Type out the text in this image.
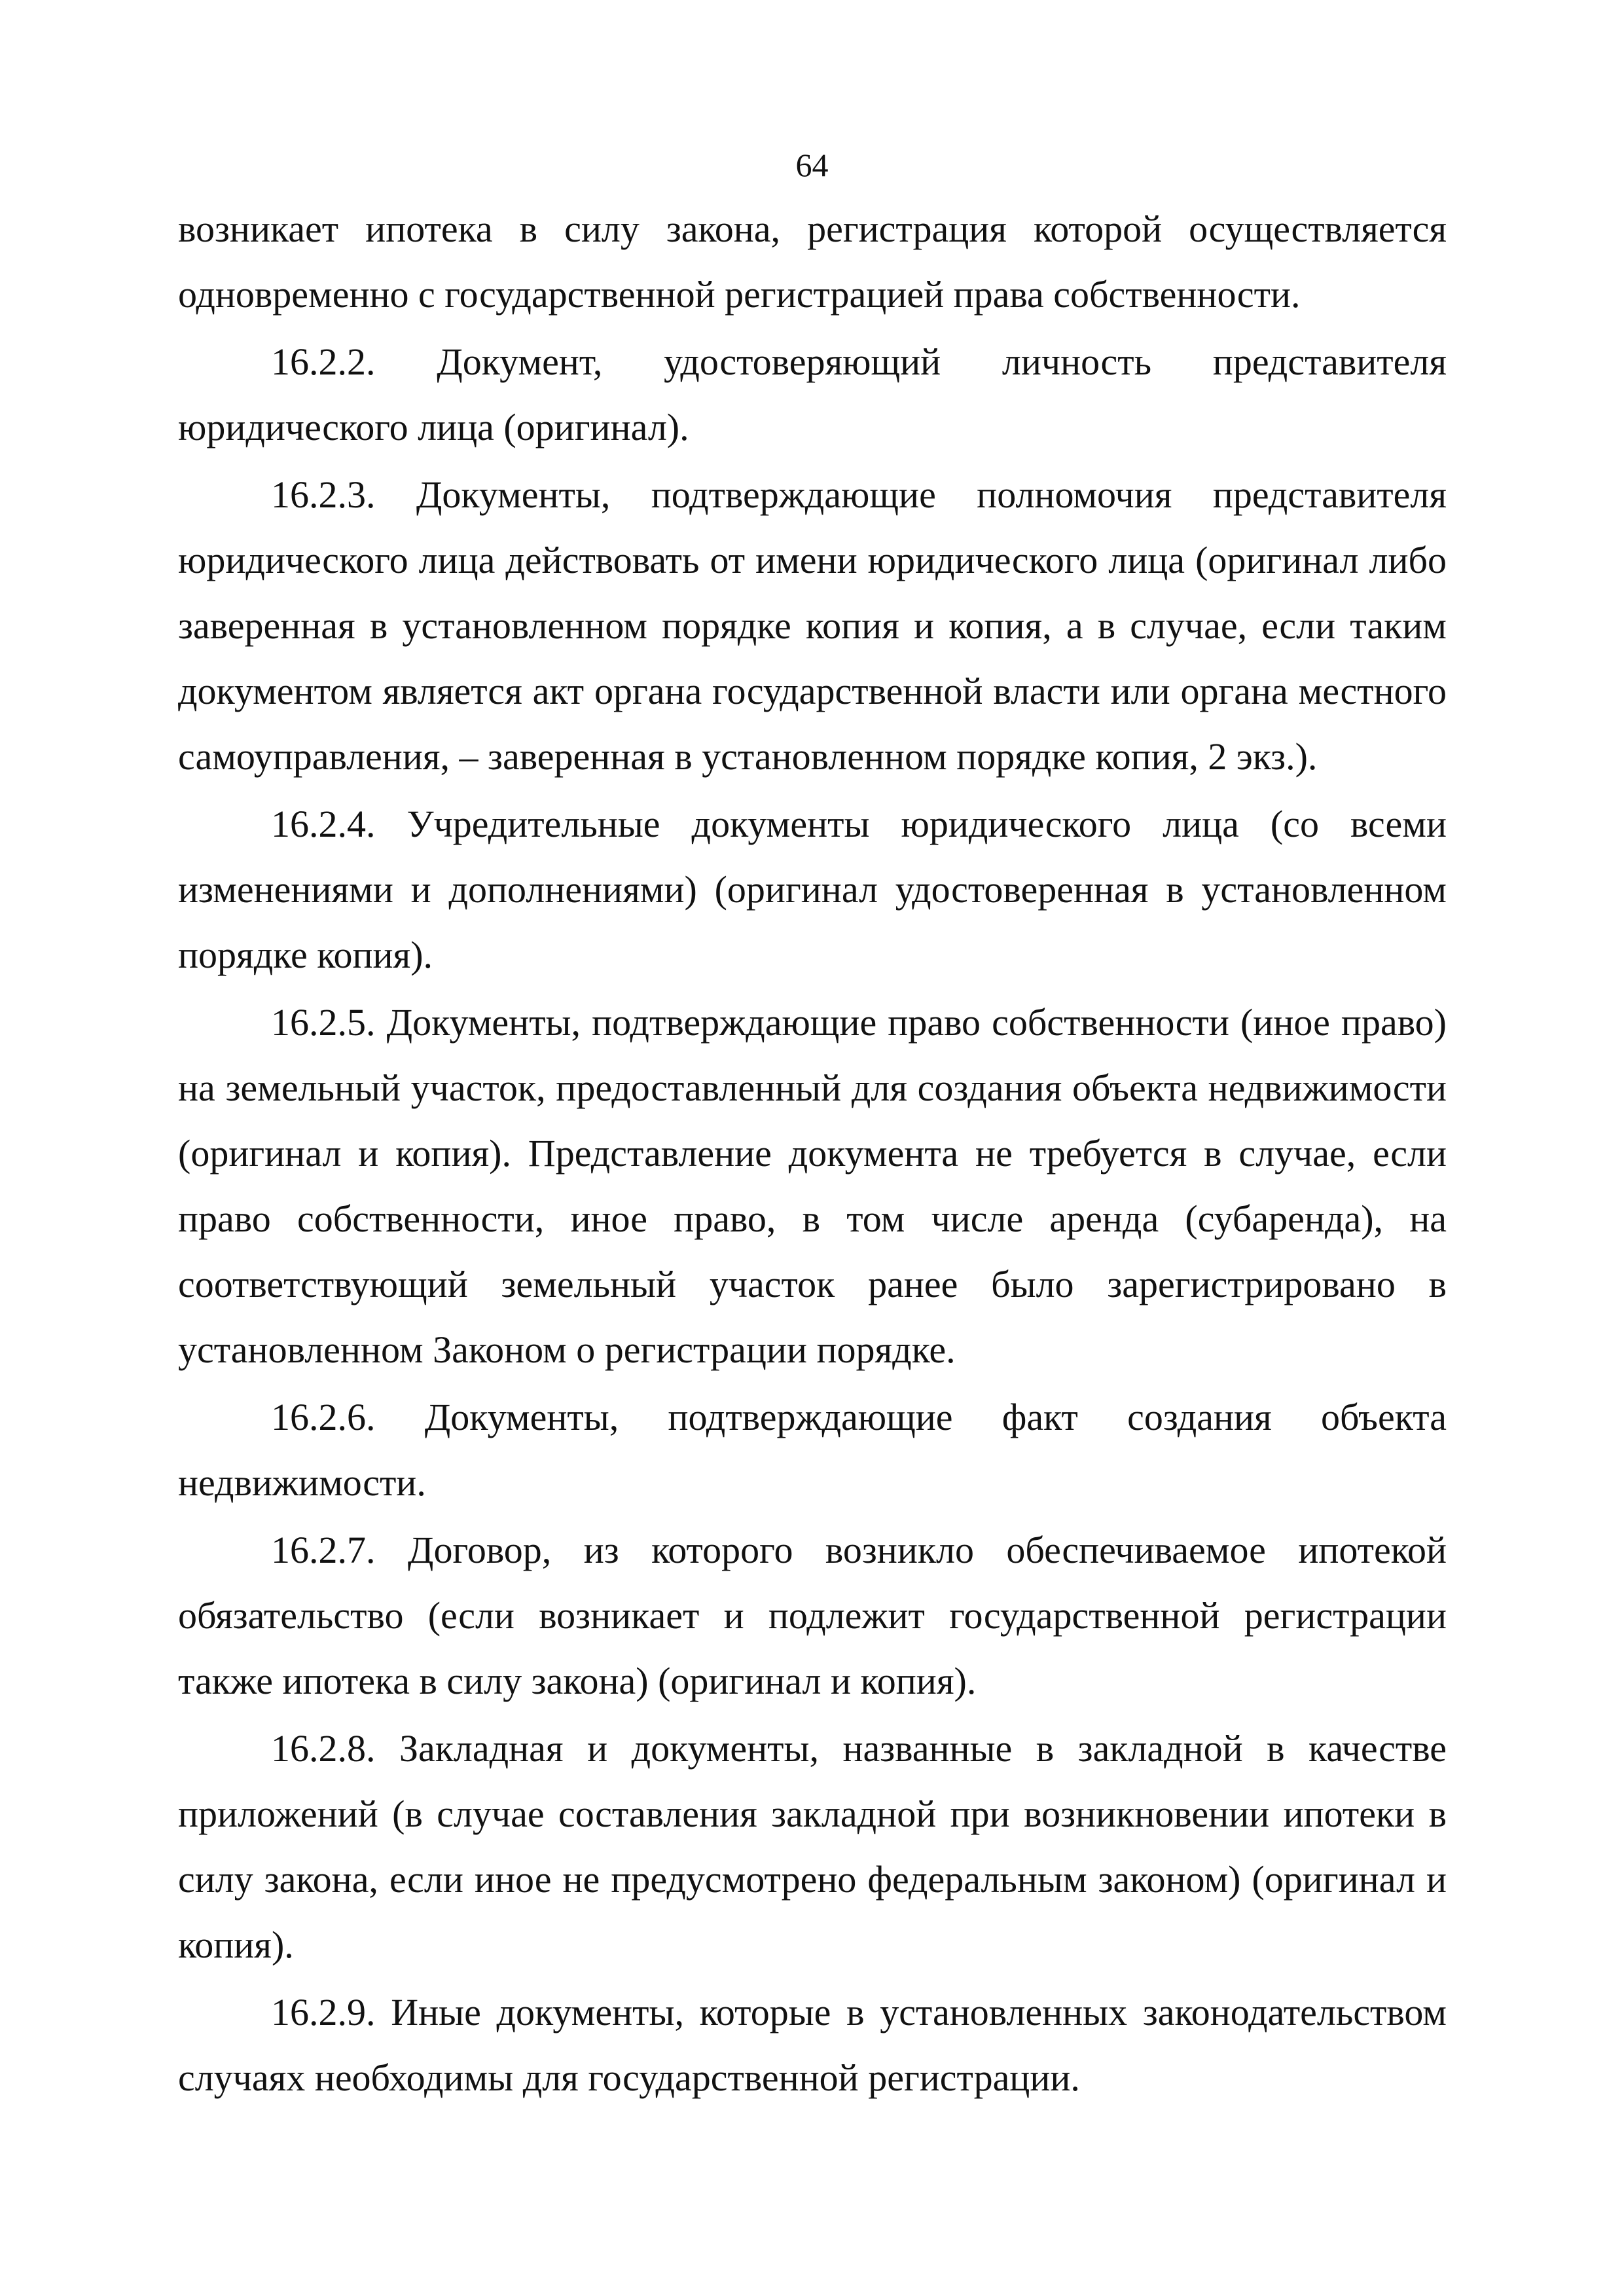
64

возникает ипотека в силу закона, регистрация которой осуществляется одновременно с государственной регистрацией права собственности.

16.2.2. Документ, удостоверяющий личность представителя юридического лица (оригинал).

16.2.3. Документы, подтверждающие полномочия представителя юридического лица действовать от имени юридического лица (оригинал либо заверенная в установленном порядке копия и копия, а в случае, если таким документом является акт органа государственной власти или органа местного самоуправления, – заверенная в установленном порядке копия, 2 экз.).

16.2.4. Учредительные документы юридического лица (со всеми изменениями и дополнениями) (оригинал удостоверенная в установленном порядке копия).

16.2.5. Документы, подтверждающие право собственности (иное право) на земельный участок, предоставленный для создания объекта недвижимости (оригинал и копия). Представление документа не требуется в случае, если право собственности, иное право, в том числе аренда (субаренда), на соответствующий земельный участок ранее было зарегистрировано в установленном Законом о регистрации порядке.

16.2.6. Документы, подтверждающие факт создания объекта недвижимости.

16.2.7. Договор, из которого возникло обеспечиваемое ипотекой обязательство (если возникает и подлежит государственной регистрации также ипотека в силу закона) (оригинал и копия).

16.2.8. Закладная и документы, названные в закладной в качестве приложений (в случае составления закладной при возникновении ипотеки в силу закона, если иное не предусмотрено федеральным законом) (оригинал и копия).

16.2.9. Иные документы, которые в установленных законодательством случаях необходимы для государственной регистрации.
